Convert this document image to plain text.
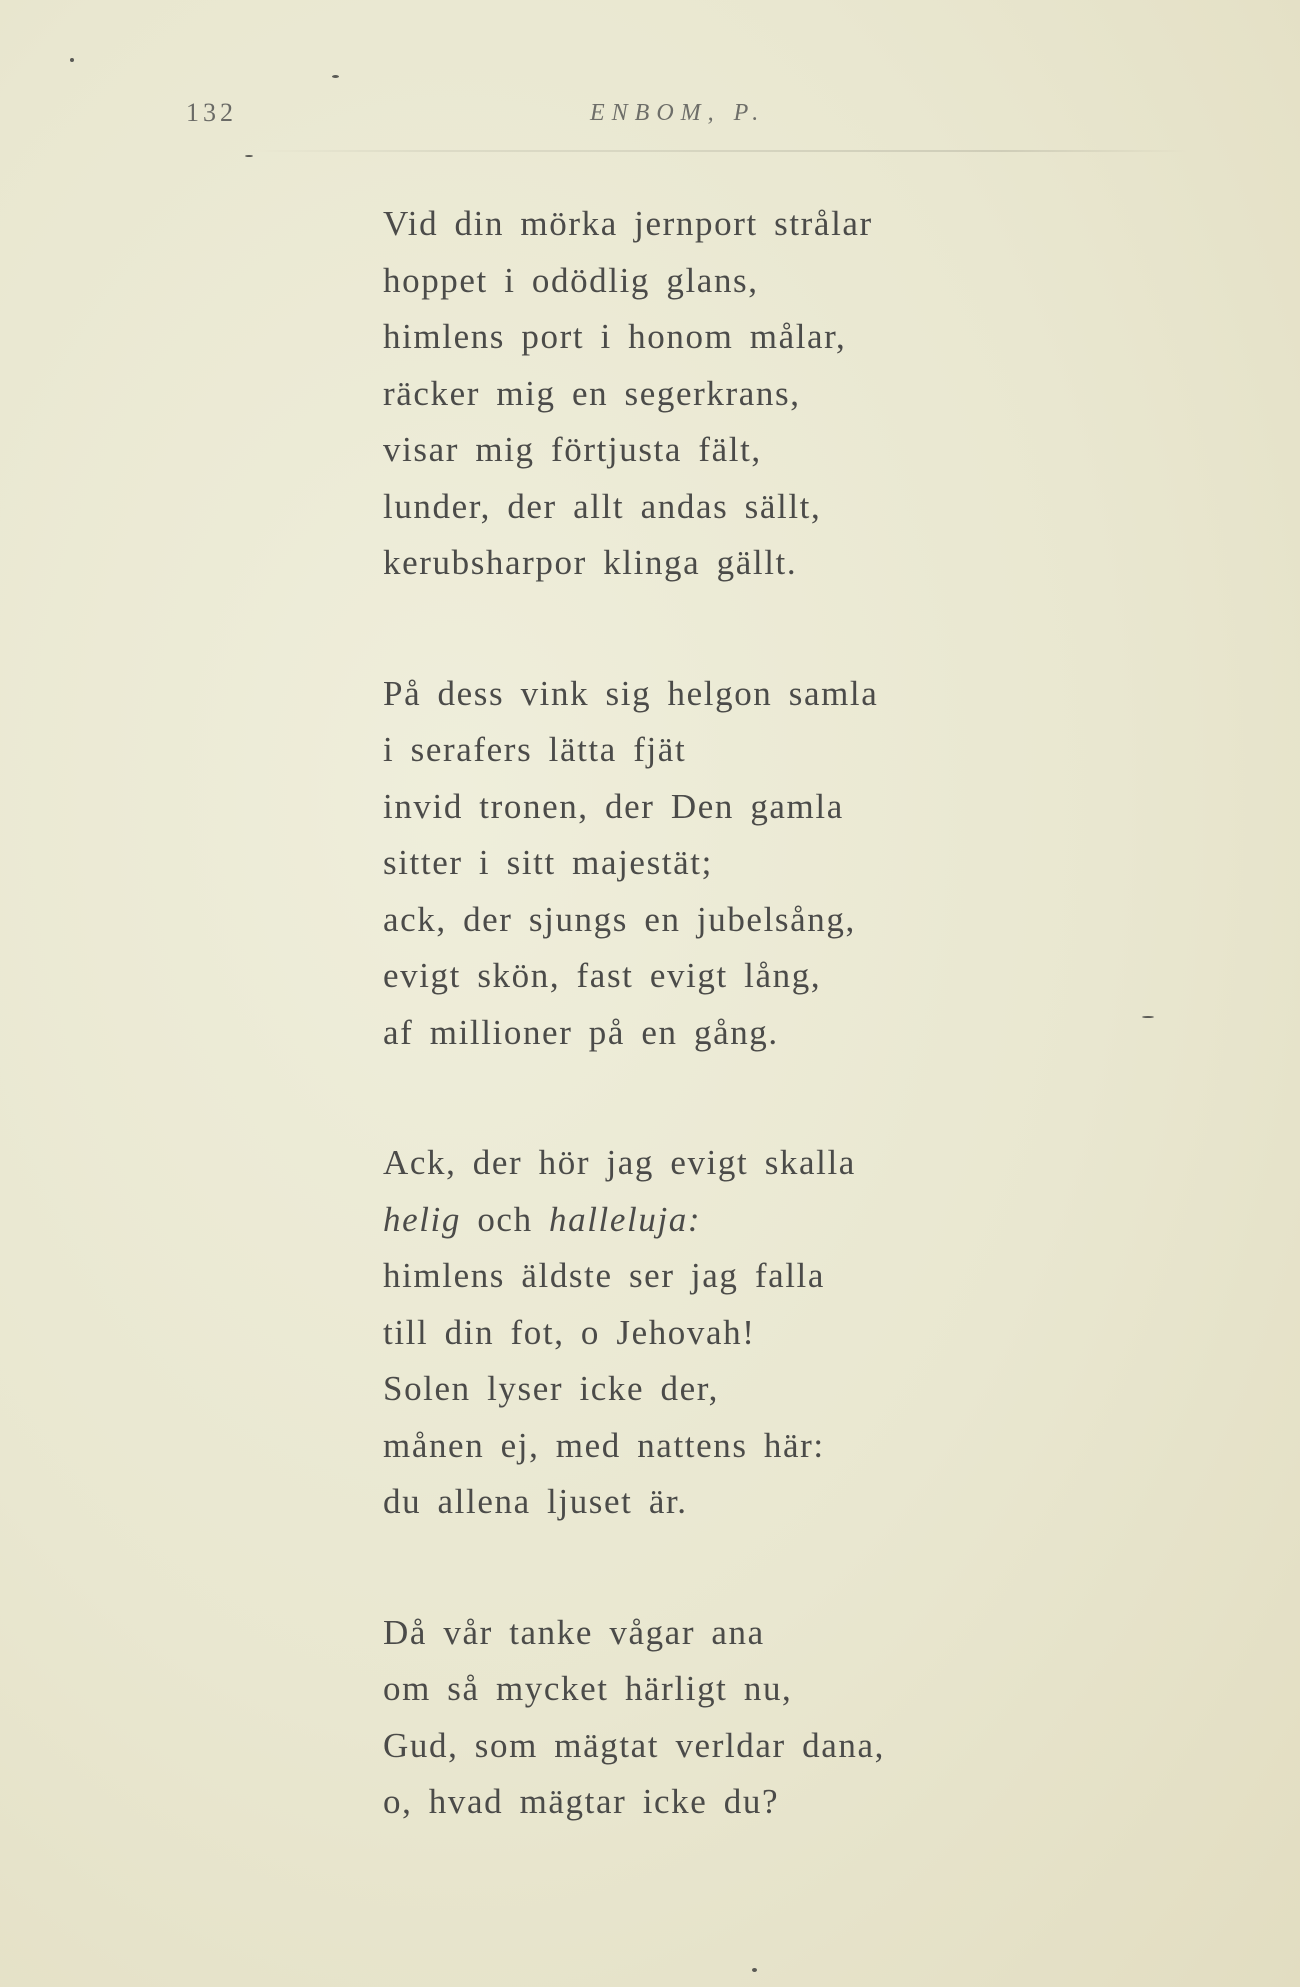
132	ENBOM, P.
Vid din mörka jernport strålar
hoppet i odödlig glans,
himlens port i honom målar,
räcker mig en segerkrans,
visar mig förtjusta fält,
lunder, der allt andas sällt,
kerubsharpor klinga gällt.
På dess vink sig helgon samla
i serafers lätta fjät
invid tronen, der Den gamla
sitter i sitt majestät;
ack, der sjungs en jubelsång,
evigt skön, fast evigt lång,
af millioner på en gång.
Ack, der hör jag evigt skalla
helig och halleluja:
himlens äldste ser jag falla
till din fot, o Jehovah!
Solen lyser icke der,
månen ej, med nattens här:
du allena ljuset är.
Då vår tanke vågar ana
om så mycket härligt nu,
Gud, som mägtat verldar dana,
o, hvad mägtar icke du?
